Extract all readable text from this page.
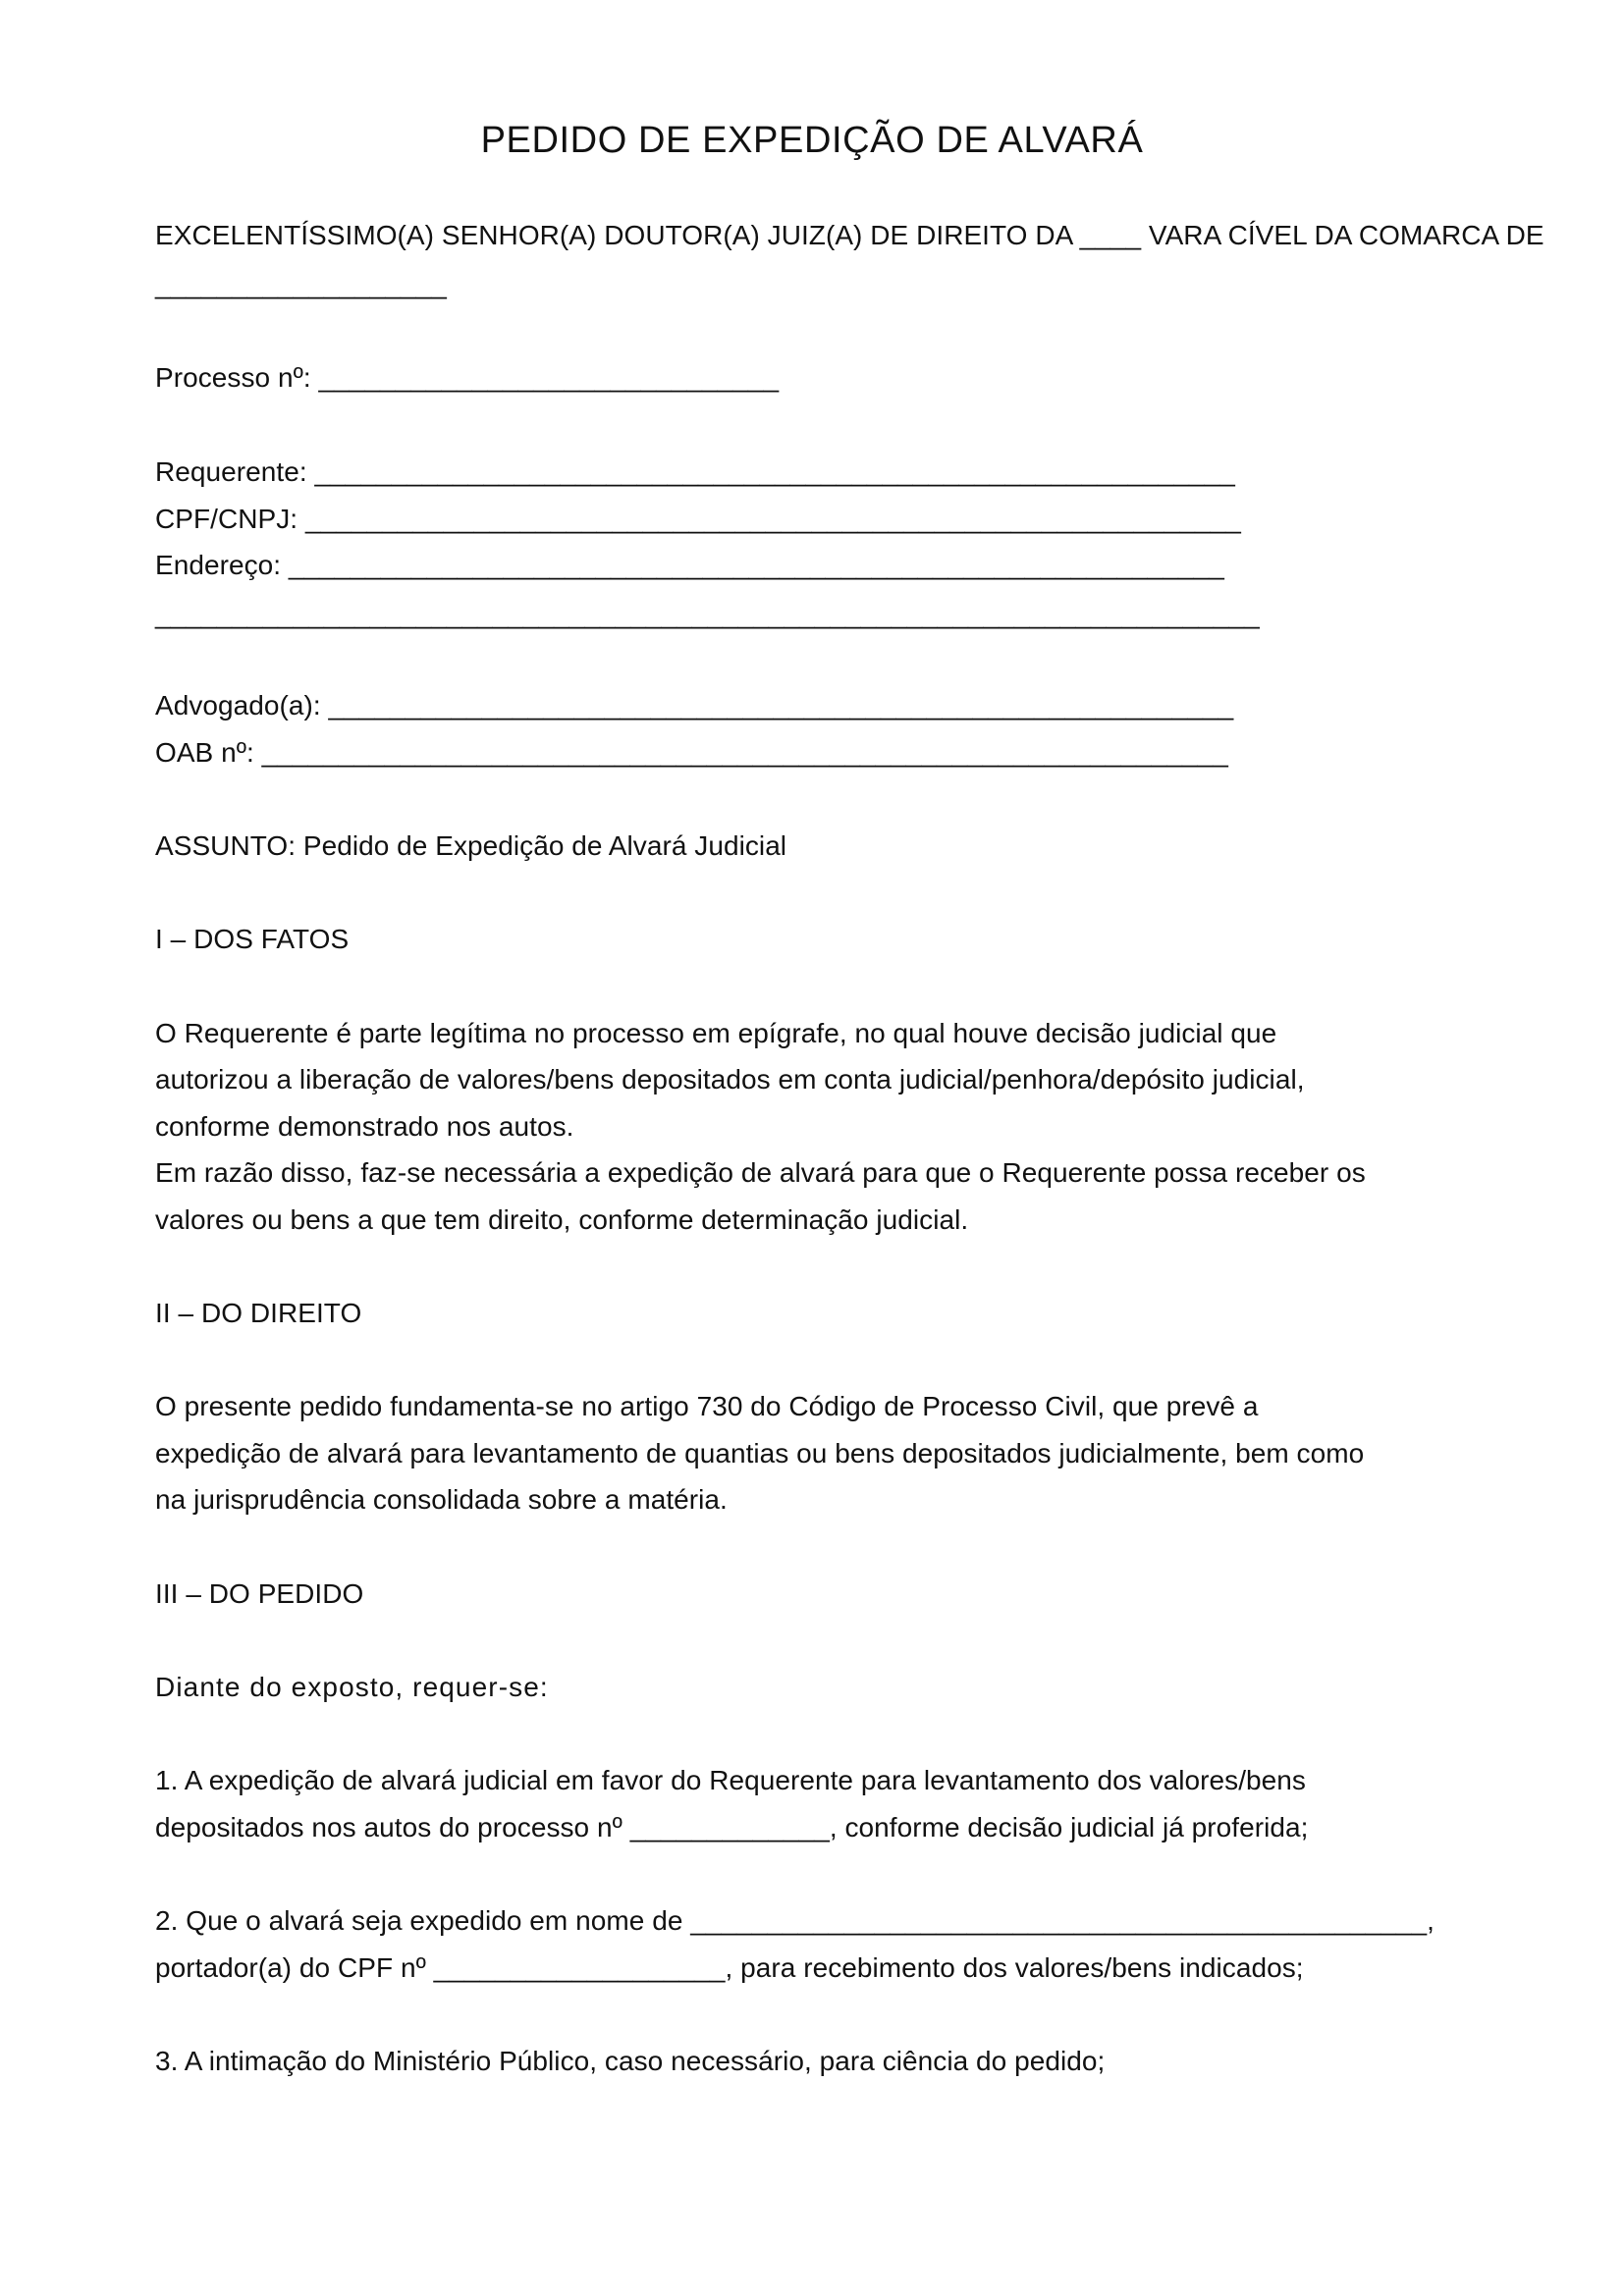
PEDIDO DE EXPEDIÇÃO DE ALVARÁ
EXCELENTÍSSIMO(A) SENHOR(A) DOUTOR(A) JUIZ(A) DE DIREITO DA ____ VARA CÍVEL DA COMARCA DE
___________________
Processo nº: ______________________________
Requerente: ____________________________________________________________
CPF/CNPJ: _____________________________________________________________
Endereço: _____________________________________________________________
________________________________________________________________________
Advogado(a): ___________________________________________________________
OAB nº: _______________________________________________________________
ASSUNTO: Pedido de Expedição de Alvará Judicial
I – DOS FATOS
O Requerente é parte legítima no processo em epígrafe, no qual houve decisão judicial que
autorizou a liberação de valores/bens depositados em conta judicial/penhora/depósito judicial,
conforme demonstrado nos autos.
Em razão disso, faz-se necessária a expedição de alvará para que o Requerente possa receber os
valores ou bens a que tem direito, conforme determinação judicial.
II – DO DIREITO
O presente pedido fundamenta-se no artigo 730 do Código de Processo Civil, que prevê a
expedição de alvará para levantamento de quantias ou bens depositados judicialmente, bem como
na jurisprudência consolidada sobre a matéria.
III – DO PEDIDO
Diante do exposto, requer-se:
1. A expedição de alvará judicial em favor do Requerente para levantamento dos valores/bens
depositados nos autos do processo nº _____________, conforme decisão judicial já proferida;
2. Que o alvará seja expedido em nome de ________________________________________________,
portador(a) do CPF nº ___________________, para recebimento dos valores/bens indicados;
3. A intimação do Ministério Público, caso necessário, para ciência do pedido;
